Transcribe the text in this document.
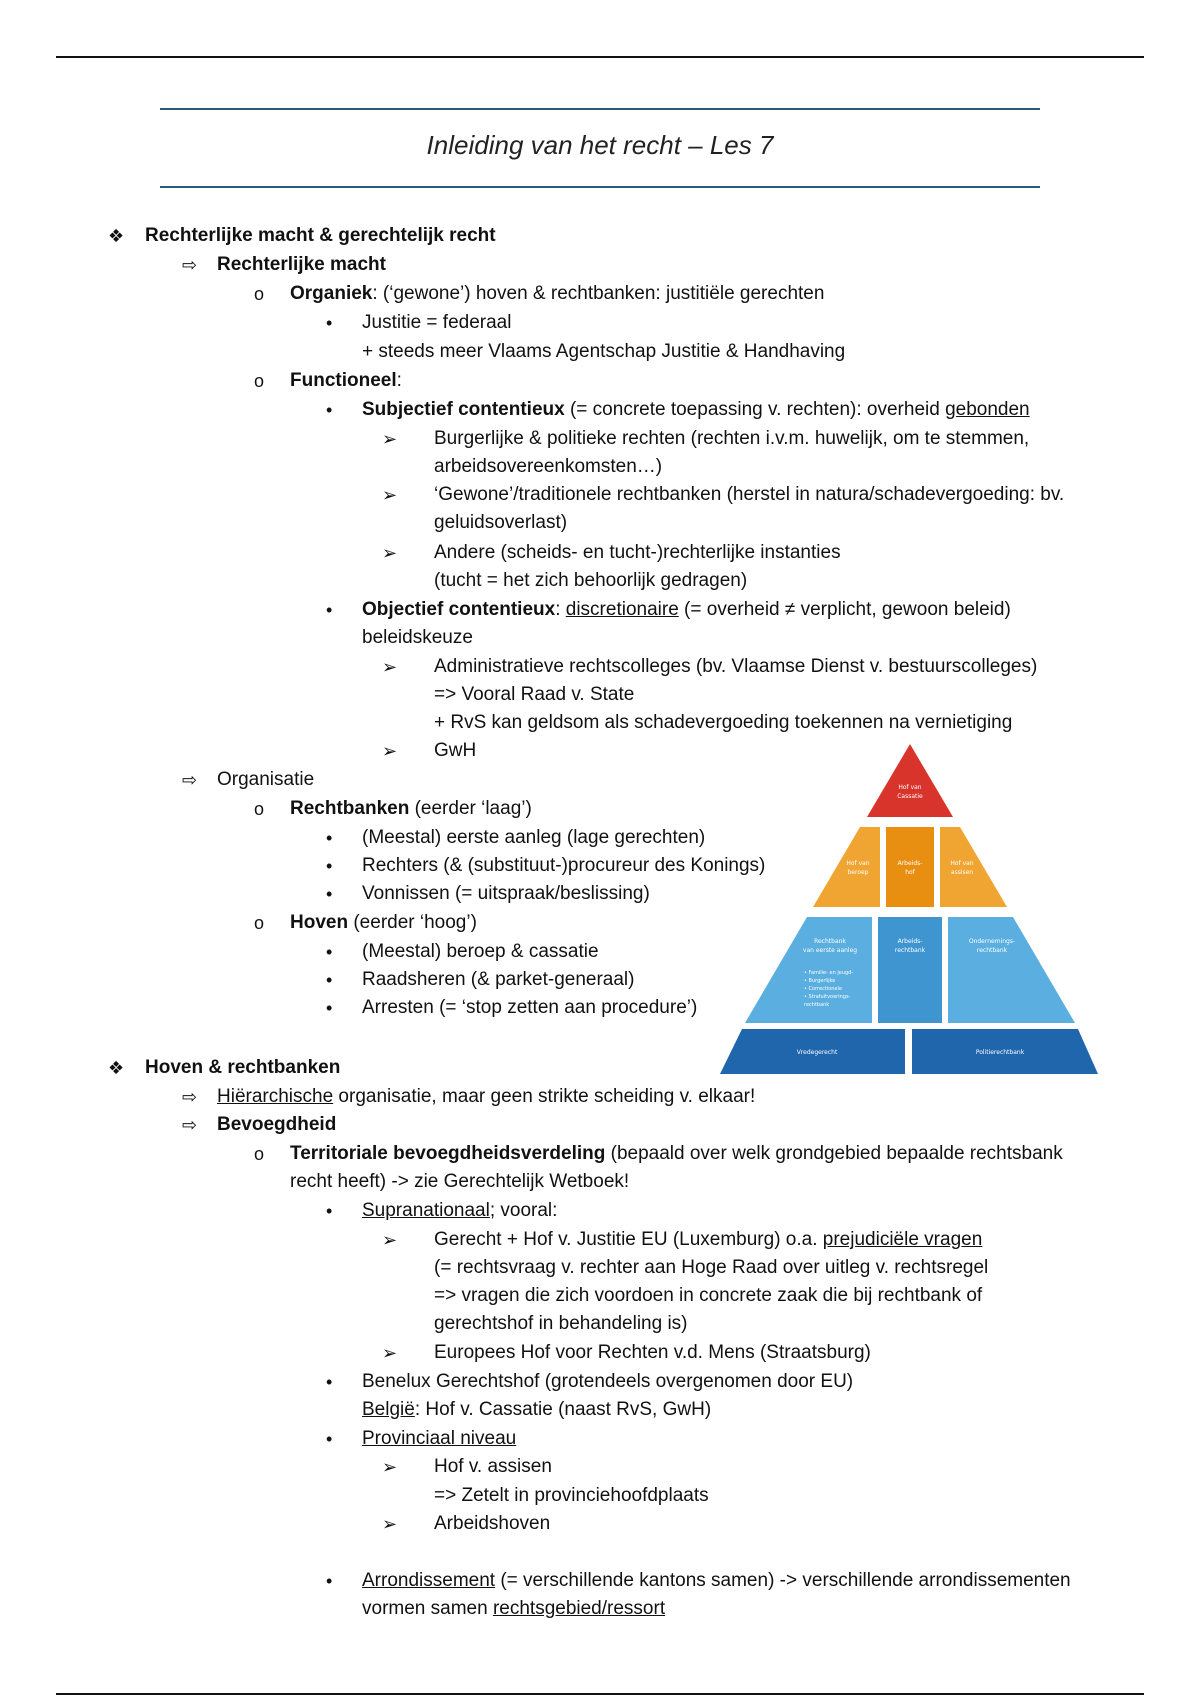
Inleiding van het recht – Les 7
❖ Rechterlijke macht & gerechtelijk recht
⇨ Rechterlijke macht
o Organiek: (‘gewone’) hoven & rechtbanken: justitiële gerechten
• Justitie = federaal
+ steeds meer Vlaams Agentschap Justitie & Handhaving
o Functioneel:
• Subjectief contentieux (= concrete toepassing v. rechten): overheid gebonden
➢ Burgerlijke & politieke rechten (rechten i.v.m. huwelijk, om te stemmen,
arbeidsovereenkomsten…)
➢ ‘Gewone’/traditionele rechtbanken (herstel in natura/schadevergoeding: bv.
geluidsoverlast)
➢ Andere (scheids- en tucht-)rechterlijke instanties
(tucht = het zich behoorlijk gedragen)
• Objectief contentieux: discretionaire (= overheid ≠ verplicht, gewoon beleid)
beleidskeuze
➢ Administratieve rechtscolleges (bv. Vlaamse Dienst v. bestuurscolleges)
=> Vooral Raad v. State
+ RvS kan geldsom als schadevergoeding toekennen na vernietiging
➢ GwH
⇨ Organisatie
o Rechtbanken (eerder ‘laag’)
• (Meestal) eerste aanleg (lage gerechten)
• Rechters (& (substituut-)procureur des Konings)
• Vonnissen (= uitspraak/beslissing)
o Hoven (eerder ‘hoog’)
• (Meestal) beroep & cassatie
• Raadsheren (& parket-generaal)
• Arresten (= ‘stop zetten aan procedure’)
Hof van
Cassatie
Hof van
beroep
Arbeids-
hof
Hof van
assisen
Rechtbank
van eerste aanleg
• Familie- en jeugd-
• Burgerlijke
• Correctionele
• Strafuitvoerings-
rechtbank
Arbeids-
rechtbank
Ondernemings-
rechtbank
Vredegerecht	Politierechtbank
❖ Hoven & rechtbanken
⇨ Hiërarchische organisatie, maar geen strikte scheiding v. elkaar!
⇨ Bevoegdheid
o Territoriale bevoegdheidsverdeling (bepaald over welk grondgebied bepaalde rechtsbank
recht heeft) -> zie Gerechtelijk Wetboek!
• Supranationaal; vooral:
➢ Gerecht + Hof v. Justitie EU (Luxemburg) o.a. prejudiciële vragen
(= rechtsvraag v. rechter aan Hoge Raad over uitleg v. rechtsregel
=> vragen die zich voordoen in concrete zaak die bij rechtbank of
gerechtshof in behandeling is)
➢ Europees Hof voor Rechten v.d. Mens (Straatsburg)
• Benelux Gerechtshof (grotendeels overgenomen door EU)
België: Hof v. Cassatie (naast RvS, GwH)
• Provinciaal niveau
➢ Hof v. assisen
=> Zetelt in provinciehoofdplaats
➢ Arbeidshoven
• Arrondissement (= verschillende kantons samen) -> verschillende arrondissementen
vormen samen rechtsgebied/ressort
